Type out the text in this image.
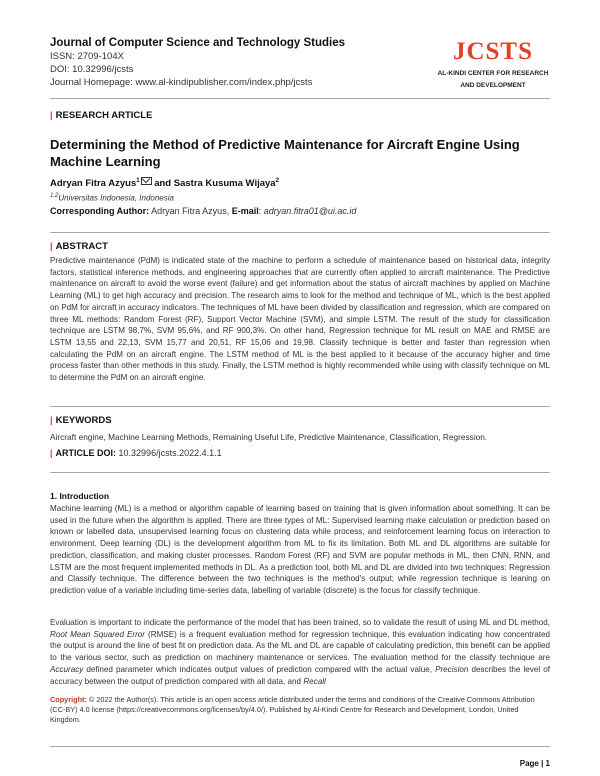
Journal of Computer Science and Technology Studies
ISSN: 2709-104X
DOI: 10.32996/jcsts
Journal Homepage: www.al-kindipublisher.com/index.php/jcsts
JCSTS
AL-KINDI CENTER FOR RESEARCH
AND DEVELOPMENT
| RESEARCH ARTICLE
Determining the Method of Predictive Maintenance for Aircraft Engine Using Machine Learning
Adryan Fitra Azyus$^1$ and Sastra Kusuma Wijaya$^2$
$^{1,2}$Universitas Indonesia, Indonesia
Corresponding Author: Adryan Fitra Azyus, E-mail: adryan.fitra01@ui.ac.id
| ABSTRACT

Predictive maintenance (PdM) is indicated state of the machine to perform a schedule of maintenance based on historical data, integrity factors, statistical inference methods, and engineering approaches that are currently often applied to aircraft maintenance. The Predictive maintenance on aircraft to avoid the worse event (failure) and get information about the status of aircraft machines by applied on Machine Learning (ML) to get high accuracy and precision. The research aims to look for the method and technique of ML, which is the best applied on PdM for aircraft in accuracy indicators. The techniques of ML have been divided by classification and regression, which are compared on three ML methods: Random Forest (RF), Support Vector Machine (SVM), and simple LSTM. The result of the study for classification technique are LSTM 98,7%, SVM 95,6%, and RF 900,3%. On other hand, Regression technique for ML result on MAE and RMSE are LSTM 13,55 and 22,13, SVM 15,77 and 20,51, RF 15,06 and 19,98. Classify technique is better and faster than regression when calculating the PdM on an aircraft engine. The LSTM method of ML is the best applied to it because of the accuracy higher and time process faster than other methods in this study. Finally, the LSTM method is highly recommended while using with classify technique on ML to determine the PdM on an aircraft engine.

| KEYWORDS
Aircraft engine, Machine Learning Methods, Remaining Useful Life, Predictive Maintenance, Classification, Regression.
| ARTICLE DOI: 10.32996/jcsts.2022.4.1.1
1. Introduction

Machine learning (ML) is a method or algorithm capable of learning based on training that is given information about something. It can be used in the future when the algorithm is applied. There are three types of ML: Supervised learning make calculation or prediction based on known or labelled data, unsupervised learning focus on clustering data while process, and reinforcement learning focus on interaction to environment. Deep learning (DL) is the development algorithm from ML to fix its limitation. Both ML and DL algorithms are suitable for prediction, classification, and making cluster processes. Random Forest (RF) and SVM are popular methods in ML, then CNN, RNN, and LSTM are the most frequent implemented methods in DL. As a prediction tool, both ML and DL are divided into two techniques: Regression and Classify technique. The difference between the two techniques is the method's output; while regression technique is leaning on prediction value of a variable including time-series data, labelling of variable (discrete) is the focus for classify technique.

Evaluation is important to indicate the performance of the model that has been trained, so to validate the result of using ML and DL method, Root Mean Squared Error (RMSE) is a frequent evaluation method for regression technique, this evaluation indicating how concentrated the output is around the line of best fit on prediction data. As the ML and DL are capable of calculating prediction, this benefit can be applied to the various sector, such as prediction on machinery maintenance or services. The evaluation method for the classify technique are Accuracy defined parameter which indicates output values of prediction compared with the actual value, Precision describes the level of accuracy between the output of prediction compared with all data, and Recall

Copyright: © 2022 the Author(s). This article is an open access article distributed under the terms and conditions of the Creative Commons Attribution (CC-BY) 4.0 license (https://creativecommons.org/licenses/by/4.0/). Published by Al-Kindi Centre for Research and Development, London, United Kingdom.
Page | 1
